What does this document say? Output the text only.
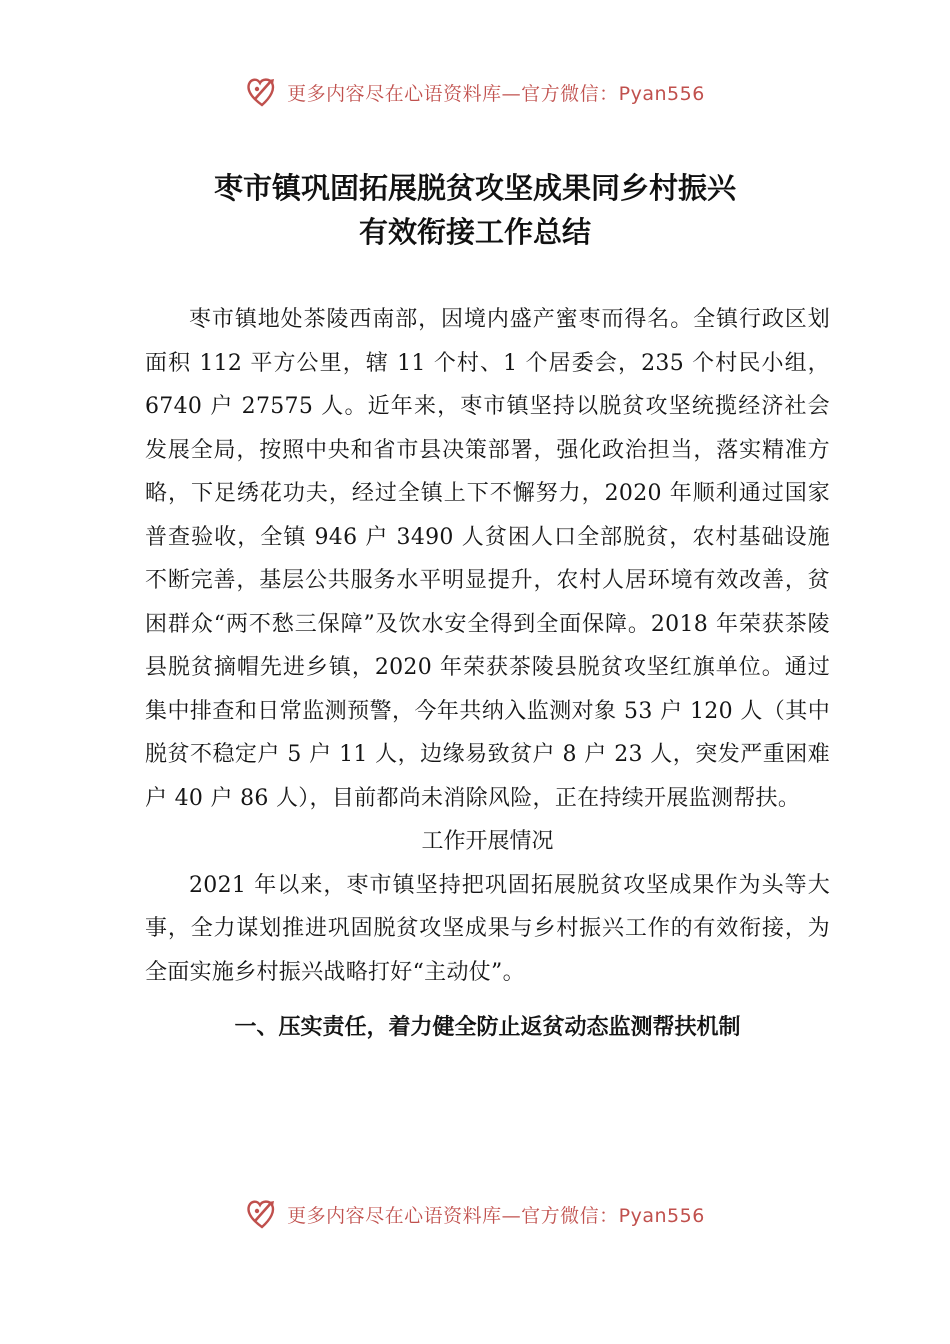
更多内容尽在心语资料库—官方微信：Pyan556
枣市镇巩固拓展脱贫攻坚成果同乡村振兴
有效衔接工作总结

枣市镇地处茶陵西南部，因境内盛产蜜枣而得名。全镇行政区划面积 112 平方公里，辖 11 个村、1 个居委会，235 个村民小组，6740 户 27575 人。近年来，枣市镇坚持以脱贫攻坚统揽经济社会发展全局，按照中央和省市县决策部署，强化政治担当，落实精准方略，下足绣花功夫，经过全镇上下不懈努力，2020 年顺利通过国家普查验收，全镇 946 户 3490 人贫困人口全部脱贫，农村基础设施不断完善，基层公共服务水平明显提升，农村人居环境有效改善，贫困群众“两不愁三保障”及饮水安全得到全面保障。2018 年荣获茶陵县脱贫摘帽先进乡镇，2020 年荣获茶陵县脱贫攻坚红旗单位。通过集中排查和日常监测预警，今年共纳入监测对象 53 户 120 人（其中脱贫不稳定户 5 户 11 人，边缘易致贫户 8 户 23 人，突发严重困难户 40 户 86 人），目前都尚未消除风险，正在持续开展监测帮扶。

工作开展情况

2021 年以来，枣市镇坚持把巩固拓展脱贫攻坚成果作为头等大事，全力谋划推进巩固脱贫攻坚成果与乡村振兴工作的有效衔接，为全面实施乡村振兴战略打好“主动仗”。

一、压实责任，着力健全防止返贫动态监测帮扶机制

更多内容尽在心语资料库—官方微信：Pyan556
